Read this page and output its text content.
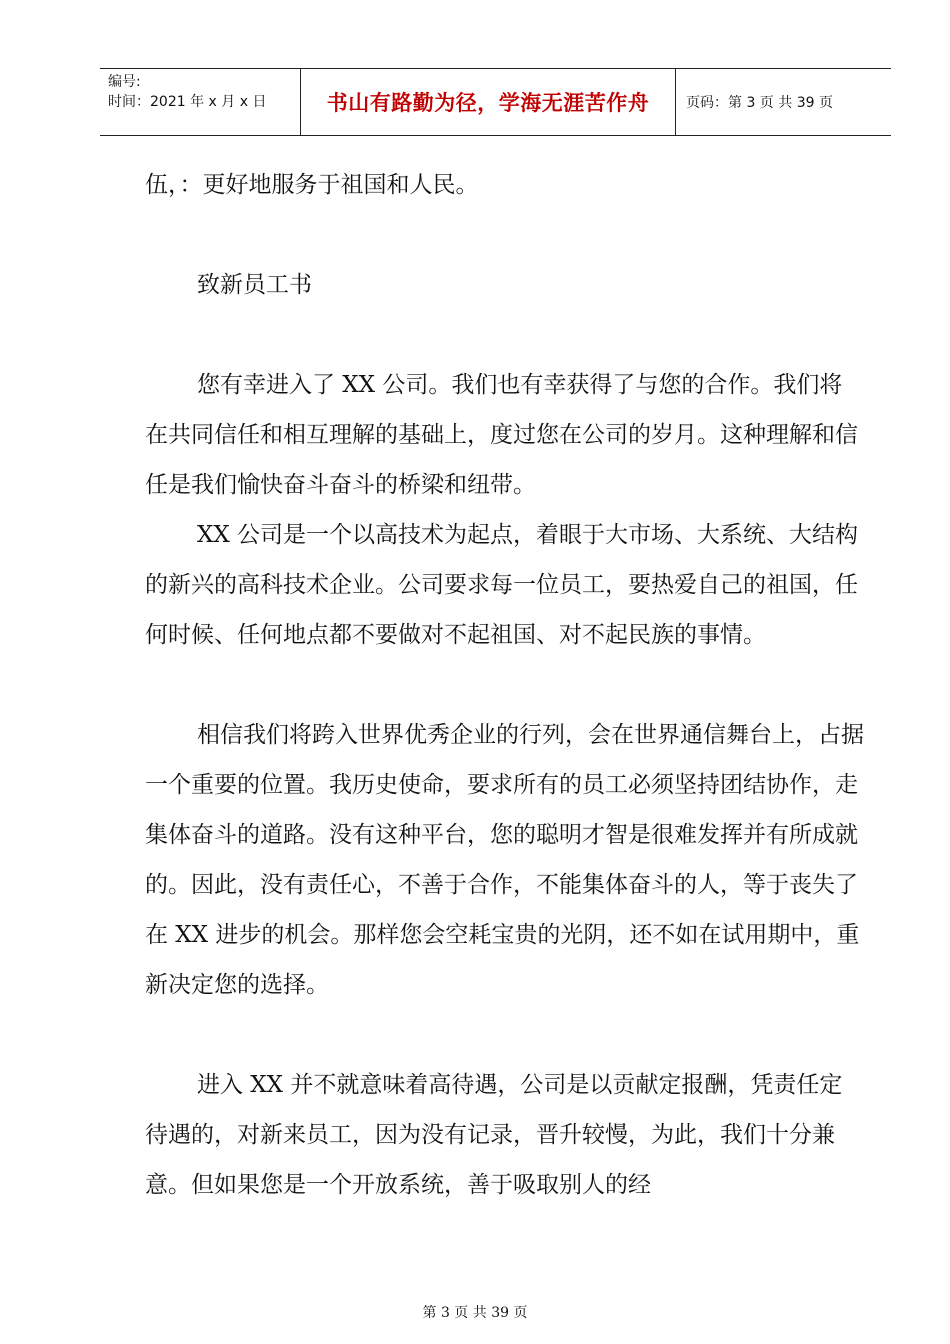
编号:
时间：2021 年 x 月 x 日	书山有路勤为径，学海无涯苦作舟	页码：第 3 页 共 39 页

伍，：更好地服务于祖国和人民。

致新员工书

您有幸进入了 XX 公司。我们也有幸获得了与您的合作。我们将在共同信任和相互理解的基础上，度过您在公司的岁月。这种理解和信任是我们愉快奋斗奋斗的桥梁和纽带。

XX 公司是一个以高技术为起点，着眼于大市场、大系统、大结构的新兴的高科技术企业。公司要求每一位员工，要热爱自己的祖国，任何时候、任何地点都不要做对不起祖国、对不起民族的事情。

相信我们将跨入世界优秀企业的行列，会在世界通信舞台上，占据一个重要的位置。我历史使命，要求所有的员工必须坚持团结协作，走集体奋斗的道路。没有这种平台，您的聪明才智是很难发挥并有所成就的。因此，没有责任心，不善于合作，不能集体奋斗的人，等于丧失了在 XX 进步的机会。那样您会空耗宝贵的光阴，还不如在试用期中，重新决定您的选择。

进入 XX 并不就意味着高待遇，公司是以贡献定报酬，凭责任定待遇的，对新来员工，因为没有记录，晋升较慢，为此，我们十分兼意。但如果您是一个开放系统，善于吸取别人的经

第 3 页 共 39 页
